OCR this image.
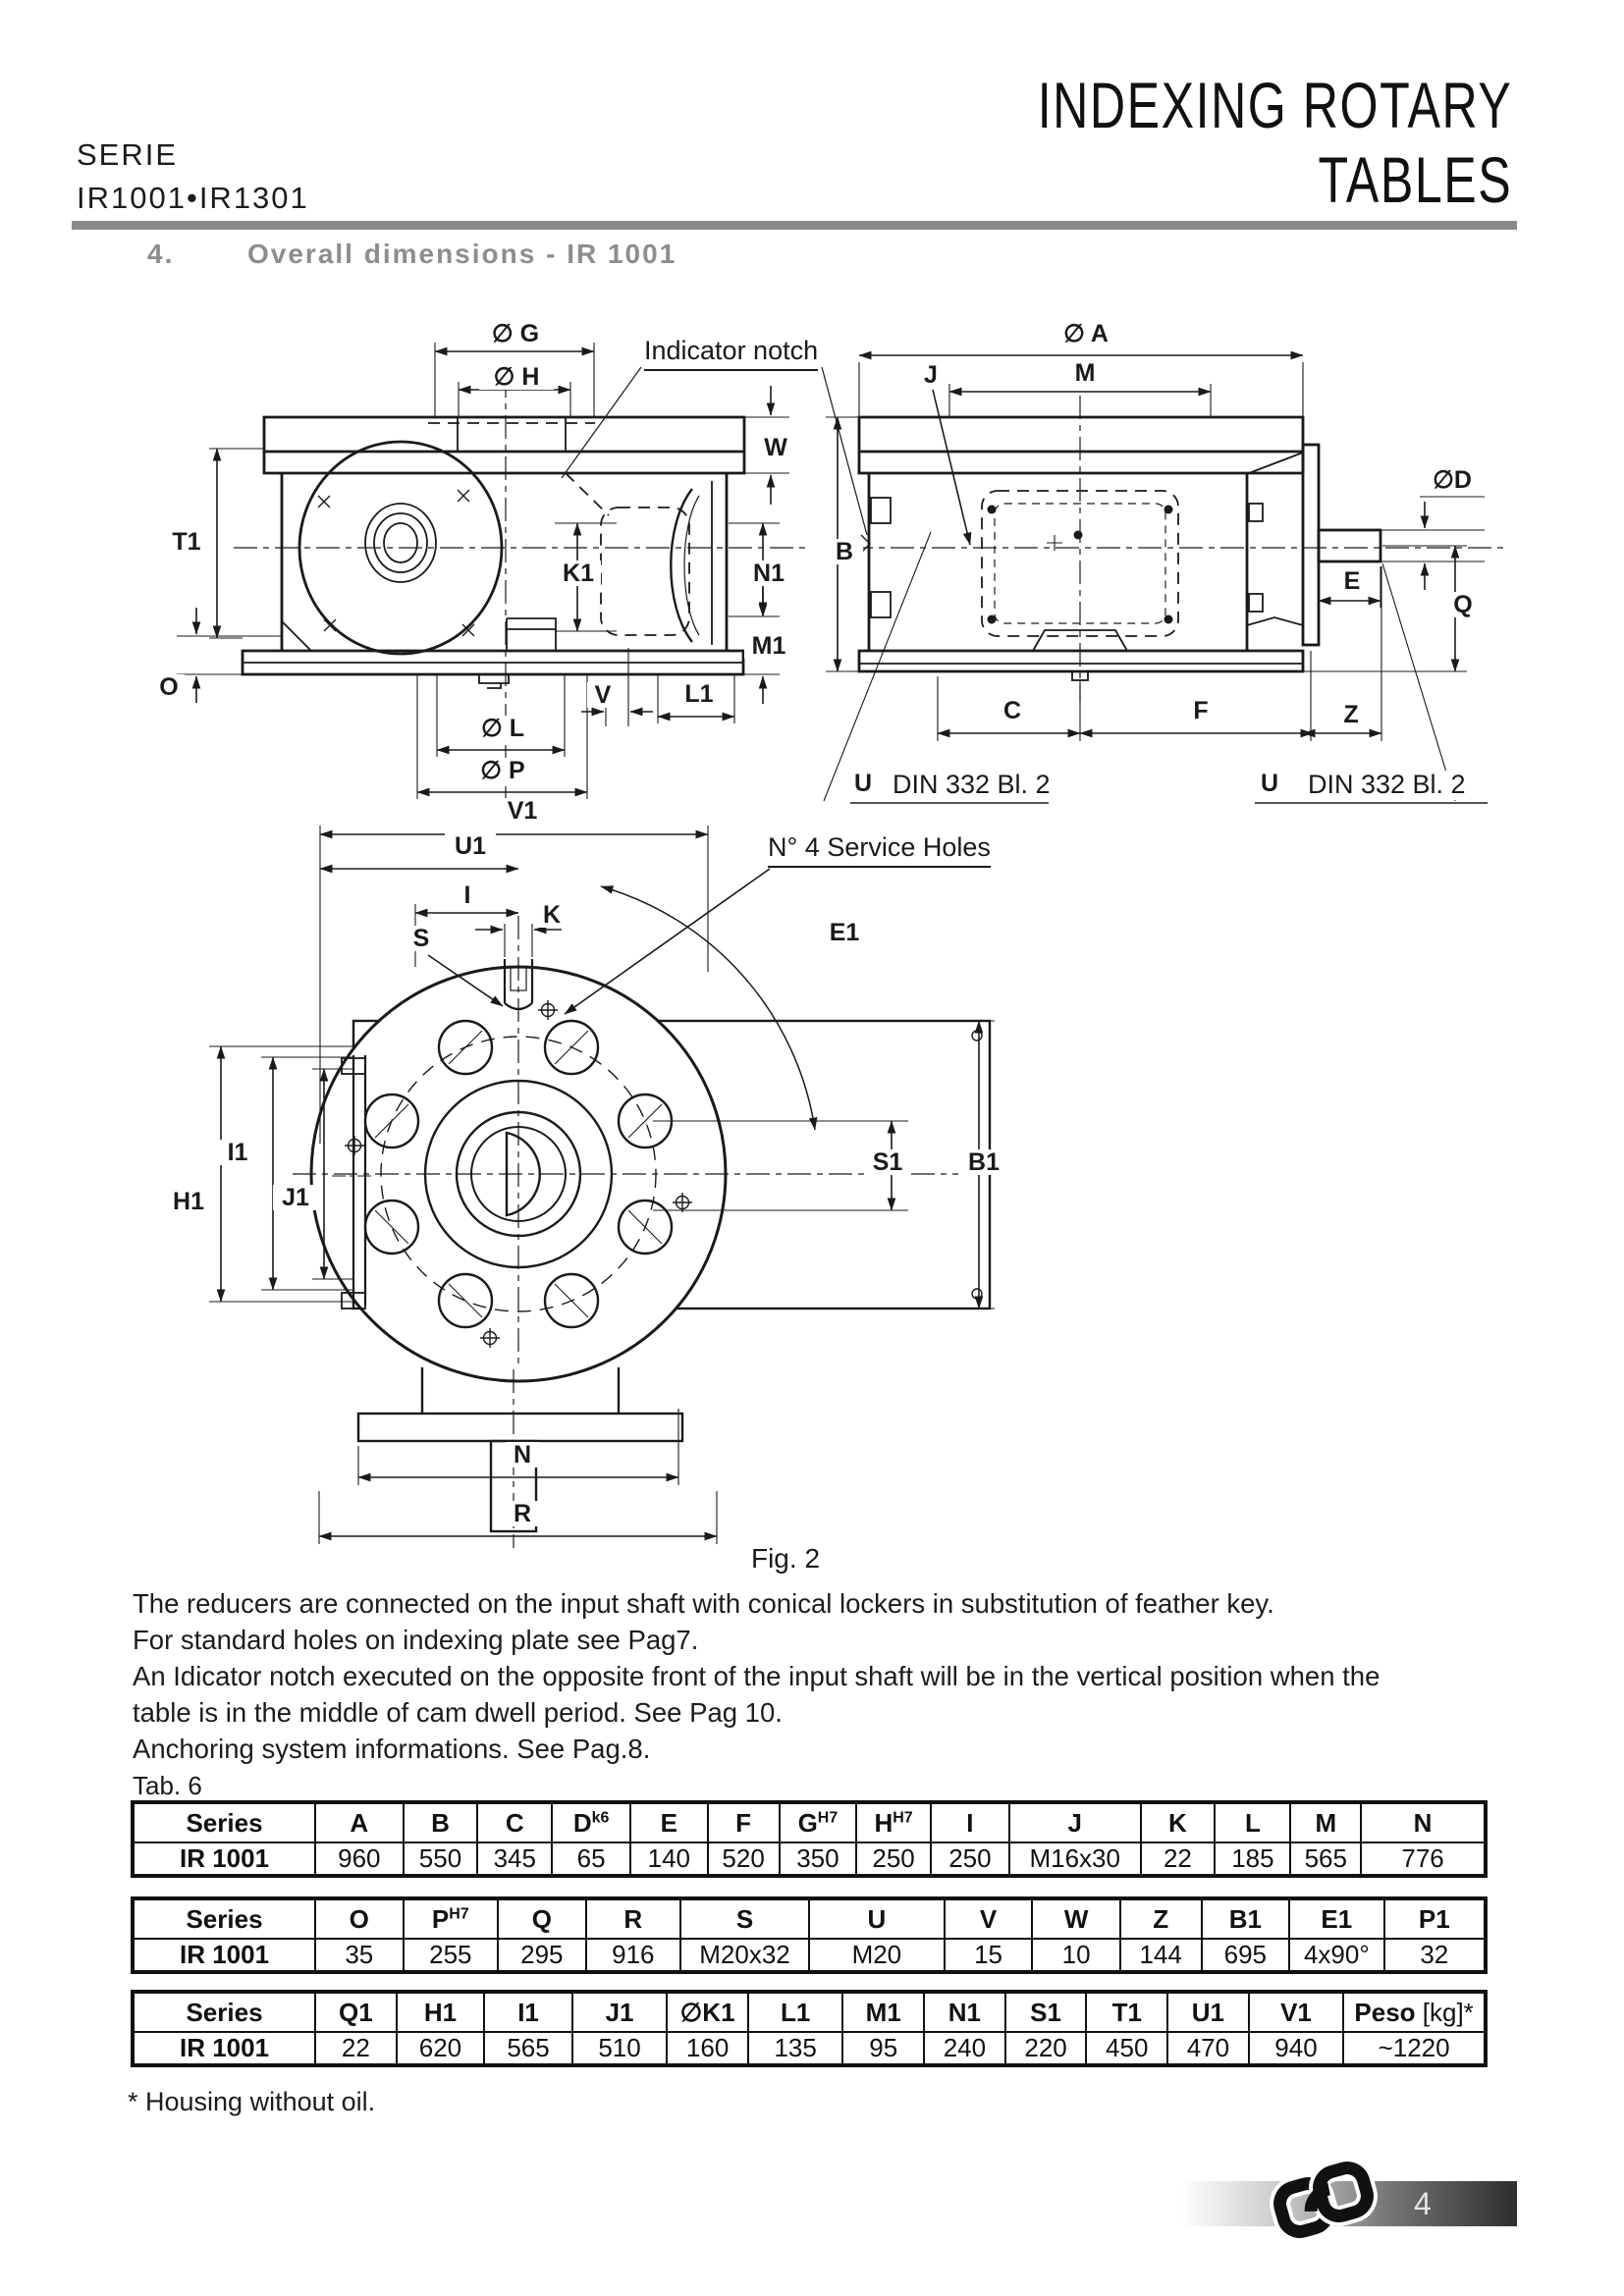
SERIE
IR1001•IR1301
INDEXING ROTARY
TABLES
4.	Overall dimensions - IR 1001
∅ G
∅ H
Indicator notch
W
T1
K1	N1
M1
O	V	L1
∅ L
∅ P
∅ A
M
J
B
∅D
E
Q
C	F	Z
U DIN 332 Bl. 2	U DIN 332 Bl. 2
V1
U1
I
K
S	E1
N° 4 Service Holes
I1
H1	J1
S1	B1
N
R
Fig. 2
The reducers are connected on the input shaft with conical lockers in substitution of feather key.
For standard holes on indexing plate see Pag7.
An Idicator notch executed on the opposite front of the input shaft will be in the vertical position when the
table is in the middle of cam dwell period. See Pag 10.
Anchoring system informations. See Pag.8.
Tab. 6
Series	A	B	C	$D^{k6}$	E	F	$G^{H7}$	$H^{H7}$	I	J	K	L	M	N
IR 1001	960	550	345	65	140	520	350	250	250	M16x30	22	185	565	776
Series	O	$P^{H7}$	Q	R	S	U	V	W	Z	B1	E1	P1
IR 1001	35	255	295	916	M20x32	M20	15	10	144	695	4x90°	32
Series	Q1	H1	I1	J1	∅K1	L1	M1	N1	S1	T1	U1	V1	Peso [kg]*
IR 1001	22	620	565	510	160	135	95	240	220	450	470	940	~1220
* Housing without oil.
4
